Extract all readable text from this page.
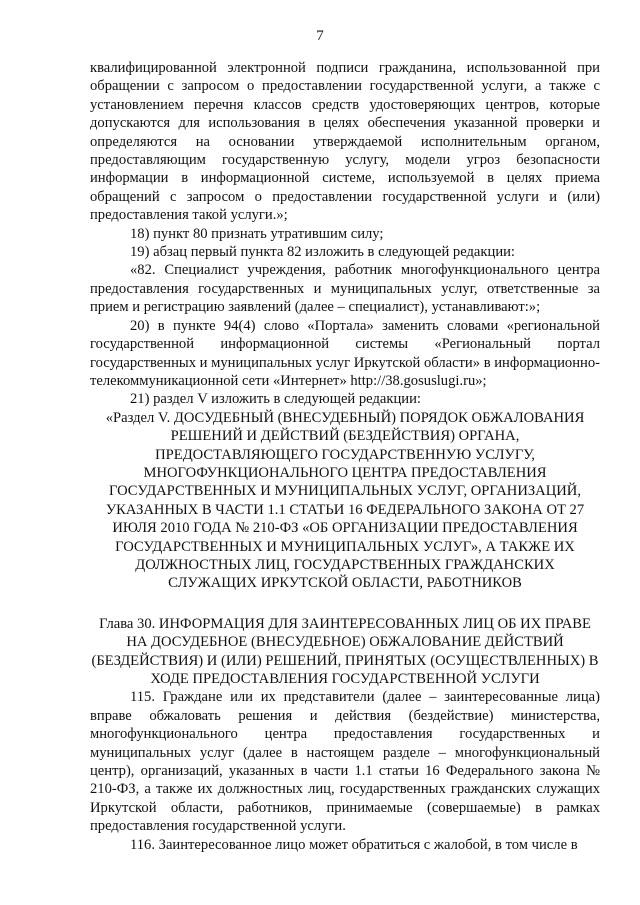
7

квалифицированной электронной подписи гражданина, использованной при обращении с запросом о предоставлении государственной услуги, а также с установлением перечня классов средств удостоверяющих центров, которые допускаются для использования в целях обеспечения указанной проверки и определяются на основании утверждаемой исполнительным органом, предоставляющим государственную услугу, модели угроз безопасности информации в информационной системе, используемой в целях приема обращений с запросом о предоставлении государственной услуги и (или) предоставления такой услуги.»;

18) пункт 80 признать утратившим силу;

19) абзац первый пункта 82 изложить в следующей редакции:

«82. Специалист учреждения, работник многофункционального центра предоставления государственных и муниципальных услуг, ответственные за прием и регистрацию заявлений (далее – специалист), устанавливают:»;

20) в пункте 94(4) слово «Портала» заменить словами «региональной государственной информационной системы «Региональный портал государственных и муниципальных услуг Иркутской области» в информационно-телекоммуникационной сети «Интернет» http://38.gosuslugi.ru»;

21) раздел V изложить в следующей редакции:

«Раздел V. ДОСУДЕБНЫЙ (ВНЕСУДЕБНЫЙ) ПОРЯДОК ОБЖАЛОВАНИЯ РЕШЕНИЙ И ДЕЙСТВИЙ (БЕЗДЕЙСТВИЯ) ОРГАНА, ПРЕДОСТАВЛЯЮЩЕГО ГОСУДАРСТВЕННУЮ УСЛУГУ, МНОГОФУНКЦИОНАЛЬНОГО ЦЕНТРА ПРЕДОСТАВЛЕНИЯ ГОСУДАРСТВЕННЫХ И МУНИЦИПАЛЬНЫХ УСЛУГ, ОРГАНИЗАЦИЙ, УКАЗАННЫХ В ЧАСТИ 1.1 СТАТЬИ 16 ФЕДЕРАЛЬНОГО ЗАКОНА ОТ 27 ИЮЛЯ 2010 ГОДА № 210-ФЗ «ОБ ОРГАНИЗАЦИИ ПРЕДОСТАВЛЕНИЯ ГОСУДАРСТВЕННЫХ И МУНИЦИПАЛЬНЫХ УСЛУГ», А ТАКЖЕ ИХ ДОЛЖНОСТНЫХ ЛИЦ, ГОСУДАРСТВЕННЫХ ГРАЖДАНСКИХ СЛУЖАЩИХ ИРКУТСКОЙ ОБЛАСТИ, РАБОТНИКОВ

Глава 30. ИНФОРМАЦИЯ ДЛЯ ЗАИНТЕРЕСОВАННЫХ ЛИЦ ОБ ИХ ПРАВЕ НА ДОСУДЕБНОЕ (ВНЕСУДЕБНОЕ) ОБЖАЛОВАНИЕ ДЕЙСТВИЙ (БЕЗДЕЙСТВИЯ) И (ИЛИ) РЕШЕНИЙ, ПРИНЯТЫХ (ОСУЩЕСТВЛЕННЫХ) В ХОДЕ ПРЕДОСТАВЛЕНИЯ ГОСУДАРСТВЕННОЙ УСЛУГИ

115. Граждане или их представители (далее – заинтересованные лица) вправе обжаловать решения и действия (бездействие) министерства, многофункционального центра предоставления государственных и муниципальных услуг (далее в настоящем разделе – многофункциональный центр), организаций, указанных в части 1.1 статьи 16 Федерального закона № 210-ФЗ, а также их должностных лиц, государственных гражданских служащих Иркутской области, работников, принимаемые (совершаемые) в рамках предоставления государственной услуги.

116. Заинтересованное лицо может обратиться с жалобой, в том числе в
